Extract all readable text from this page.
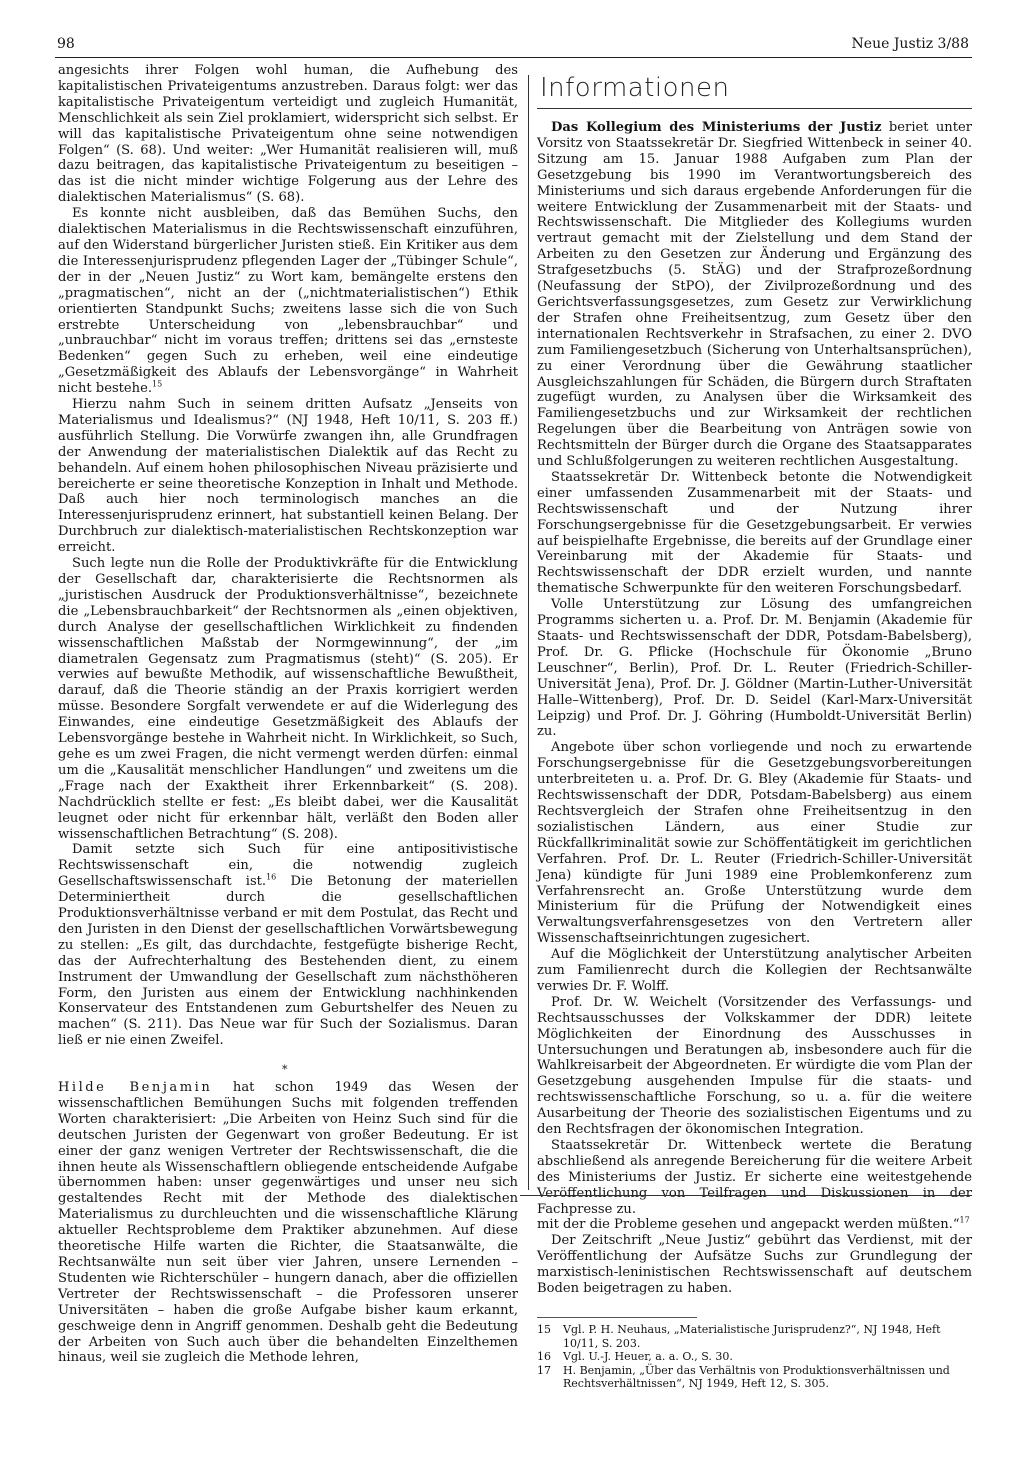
98	Neue Justiz 3/88

angesichts ihrer Folgen wohl human, die Aufhebung des kapitalistischen Privateigentums anzustreben. Daraus folgt: wer das kapitalistische Privateigentum verteidigt und zugleich Humanität, Menschlichkeit als sein Ziel proklamiert, widerspricht sich selbst. Er will das kapitalistische Privateigentum ohne seine notwendigen Folgen“ (S. 68). Und weiter: „Wer Humanität realisieren will, muß dazu beitragen, das kapitalistische Privateigentum zu beseitigen – das ist die nicht minder wichtige Folgerung aus der Lehre des dialektischen Materialismus“ (S. 68).

Es konnte nicht ausbleiben, daß das Bemühen Suchs, den dialektischen Materialismus in die Rechtswissenschaft einzuführen, auf den Widerstand bürgerlicher Juristen stieß. Ein Kritiker aus dem die Interessenjurisprudenz pflegenden Lager der „Tübinger Schule“, der in der „Neuen Justiz“ zu Wort kam, bemängelte erstens den „pragmatischen“, nicht an der („nichtmaterialistischen“) Ethik orientierten Standpunkt Suchs; zweitens lasse sich die von Such erstrebte Unterscheidung von „lebensbrauchbar“ und „unbrauchbar“ nicht im voraus treffen; drittens sei das „ernsteste Bedenken“ gegen Such zu erheben, weil eine eindeutige „Gesetzmäßigkeit des Ablaufs der Lebensvorgänge“ in Wahrheit nicht bestehe.$^{15}$

Hierzu nahm Such in seinem dritten Aufsatz „Jenseits von Materialismus und Idealismus?“ (NJ 1948, Heft 10/11, S. 203 ff.) ausführlich Stellung. Die Vorwürfe zwangen ihn, alle Grundfragen der Anwendung der materialistischen Dialektik auf das Recht zu behandeln. Auf einem hohen philosophischen Niveau präzisierte und bereicherte er seine theoretische Konzeption in Inhalt und Methode. Daß auch hier noch terminologisch manches an die Interessenjurisprudenz erinnert, hat substantiell keinen Belang. Der Durchbruch zur dialektisch-materialistischen Rechtskonzeption war erreicht.

Such legte nun die Rolle der Produktivkräfte für die Entwicklung der Gesellschaft dar, charakterisierte die Rechtsnormen als „juristischen Ausdruck der Produktionsverhältnisse“, bezeichnete die „Lebensbrauchbarkeit“ der Rechtsnormen als „einen objektiven, durch Analyse der gesellschaftlichen Wirklichkeit zu findenden wissenschaftlichen Maßstab der Normgewinnung“, der „im diametralen Gegensatz zum Pragmatismus (steht)“ (S. 205). Er verwies auf bewußte Methodik, auf wissenschaftliche Bewußtheit, darauf, daß die Theorie ständig an der Praxis korrigiert werden müsse. Besondere Sorgfalt verwendete er auf die Widerlegung des Einwandes, eine eindeutige Gesetzmäßigkeit des Ablaufs der Lebensvorgänge bestehe in Wahrheit nicht. In Wirklichkeit, so Such, gehe es um zwei Fragen, die nicht vermengt werden dürfen: einmal um die „Kausalität menschlicher Handlungen“ und zweitens um die „Frage nach der Exaktheit ihrer Erkennbarkeit“ (S. 208). Nachdrücklich stellte er fest: „Es bleibt dabei, wer die Kausalität leugnet oder nicht für erkennbar hält, verläßt den Boden aller wissenschaftlichen Betrachtung“ (S. 208).

Damit setzte sich Such für eine antipositivistische Rechtswissenschaft ein, die notwendig zugleich Gesellschaftswissenschaft ist.$^{16}$ Die Betonung der materiellen Determiniertheit durch die gesellschaftlichen Produktionsverhältnisse verband er mit dem Postulat, das Recht und den Juristen in den Dienst der gesellschaftlichen Vorwärtsbewegung zu stellen: „Es gilt, das durchdachte, festgefügte bisherige Recht, das der Aufrechterhaltung des Bestehenden dient, zu einem Instrument der Umwandlung der Gesellschaft zum nächsthöheren Form, den Juristen aus einem der Entwicklung nachhinkenden Konservateur des Entstandenen zum Geburtshelfer des Neuen zu machen“ (S. 211). Das Neue war für Such der Sozialismus. Daran ließ er nie einen Zweifel.

*

Hilde Benjamin hat schon 1949 das Wesen der wissenschaftlichen Bemühungen Suchs mit folgenden treffenden Worten charakterisiert: „Die Arbeiten von Heinz Such sind für die deutschen Juristen der Gegenwart von großer Bedeutung. Er ist einer der ganz wenigen Vertreter der Rechtswissenschaft, die die ihnen heute als Wissenschaftlern obliegende entscheidende Aufgabe übernommen haben: unser gegenwärtiges und unser neu sich gestaltendes Recht mit der Methode des dialektischen Materialismus zu durchleuchten und die wissenschaftliche Klärung aktueller Rechtsprobleme dem Praktiker abzunehmen. Auf diese theoretische Hilfe warten die Richter, die Staatsanwälte, die Rechtsanwälte nun seit über vier Jahren, unsere Lernenden – Studenten wie Richterschüler – hungern danach, aber die offiziellen Vertreter der Rechtswissenschaft – die Professoren unserer Universitäten – haben die große Aufgabe bisher kaum erkannt, geschweige denn in Angriff genommen. Deshalb geht die Bedeutung der Arbeiten von Such auch über die behandelten Einzelthemen hinaus, weil sie zugleich die Methode lehren,

Informationen

Das Kollegium des Ministeriums der Justiz beriet unter Vorsitz von Staatssekretär Dr. Siegfried Wittenbeck in seiner 40. Sitzung am 15. Januar 1988 Aufgaben zum Plan der Gesetzgebung bis 1990 im Verantwortungsbereich des Ministeriums und sich daraus ergebende Anforderungen für die weitere Entwicklung der Zusammenarbeit mit der Staats- und Rechtswissenschaft. Die Mitglieder des Kollegiums wurden vertraut gemacht mit der Zielstellung und dem Stand der Arbeiten zu den Gesetzen zur Änderung und Ergänzung des Strafgesetzbuchs (5. StÄG) und der Strafprozeßordnung (Neufassung der StPO), der Zivilprozeßordnung und des Gerichtsverfassungsgesetzes, zum Gesetz zur Verwirklichung der Strafen ohne Freiheitsentzug, zum Gesetz über den internationalen Rechtsverkehr in Strafsachen, zu einer 2. DVO zum Familiengesetzbuch (Sicherung von Unterhaltsansprüchen), zu einer Verordnung über die Gewährung staatlicher Ausgleichszahlungen für Schäden, die Bürgern durch Straftaten zugefügt wurden, zu Analysen über die Wirksamkeit des Familiengesetzbuchs und zur Wirksamkeit der rechtlichen Regelungen über die Bearbeitung von Anträgen sowie von Rechtsmitteln der Bürger durch die Organe des Staatsapparates und Schlußfolgerungen zu weiteren rechtlichen Ausgestaltung.

Staatssekretär Dr. Wittenbeck betonte die Notwendigkeit einer umfassenden Zusammenarbeit mit der Staats- und Rechtswissenschaft und der Nutzung ihrer Forschungsergebnisse für die Gesetzgebungsarbeit. Er verwies auf beispielhafte Ergebnisse, die bereits auf der Grundlage einer Vereinbarung mit der Akademie für Staats- und Rechtswissenschaft der DDR erzielt wurden, und nannte thematische Schwerpunkte für den weiteren Forschungsbedarf.

Volle Unterstützung zur Lösung des umfangreichen Programms sicherten u. a. Prof. Dr. M. Benjamin (Akademie für Staats- und Rechtswissenschaft der DDR, Potsdam-Babelsberg), Prof. Dr. G. Pflicke (Hochschule für Ökonomie „Bruno Leuschner“, Berlin), Prof. Dr. L. Reuter (Friedrich-Schiller-Universität Jena), Prof. Dr. J. Göldner (Martin-Luther-Universität Halle–Wittenberg), Prof. Dr. D. Seidel (Karl-Marx-Universität Leipzig) und Prof. Dr. J. Göhring (Humboldt-Universität Berlin) zu.

Angebote über schon vorliegende und noch zu erwartende Forschungsergebnisse für die Gesetzgebungsvorbereitungen unterbreiteten u. a. Prof. Dr. G. Bley (Akademie für Staats- und Rechtswissenschaft der DDR, Potsdam-Babelsberg) aus einem Rechtsvergleich der Strafen ohne Freiheitsentzug in den sozialistischen Ländern, aus einer Studie zur Rückfallkriminalität sowie zur Schöffentätigkeit im gerichtlichen Verfahren. Prof. Dr. L. Reuter (Friedrich-Schiller-Universität Jena) kündigte für Juni 1989 eine Problemkonferenz zum Verfahrensrecht an. Große Unterstützung wurde dem Ministerium für die Prüfung der Notwendigkeit eines Verwaltungsverfahrensgesetzes von den Vertretern aller Wissenschaftseinrichtungen zugesichert.

Auf die Möglichkeit der Unterstützung analytischer Arbeiten zum Familienrecht durch die Kollegien der Rechtsanwälte verwies Dr. F. Wolff.

Prof. Dr. W. Weichelt (Vorsitzender des Verfassungs- und Rechtsausschusses der Volkskammer der DDR) leitete Möglichkeiten der Einordnung des Ausschusses in Untersuchungen und Beratungen ab, insbesondere auch für die Wahlkreisarbeit der Abgeordneten. Er würdigte die vom Plan der Gesetzgebung ausgehenden Impulse für die staats- und rechtswissenschaftliche Forschung, so u. a. für die weitere Ausarbeitung der Theorie des sozialistischen Eigentums und zu den Rechtsfragen der ökonomischen Integration.

Staatssekretär Dr. Wittenbeck wertete die Beratung abschließend als anregende Bereicherung für die weitere Arbeit des Ministeriums der Justiz. Er sicherte eine weitestgehende Veröffentlichung von Teilfragen und Diskussionen in der Fachpresse zu.

mit der die Probleme gesehen und angepackt werden müßten.“$^{17}$

Der Zeitschrift „Neue Justiz“ gebührt das Verdienst, mit der Veröffentlichung der Aufsätze Suchs zur Grundlegung der marxistisch-leninistischen Rechtswissenschaft auf deutschem Boden beigetragen zu haben.

15	Vgl. P. H. Neuhaus, „Materialistische Jurisprudenz?“, NJ 1948, Heft 10/11, S. 203.
16	Vgl. U.-J. Heuer, a. a. O., S. 30.
17	H. Benjamin, „Über das Verhältnis von Produktionsverhältnissen und Rechtsverhältnissen“, NJ 1949, Heft 12, S. 305.
